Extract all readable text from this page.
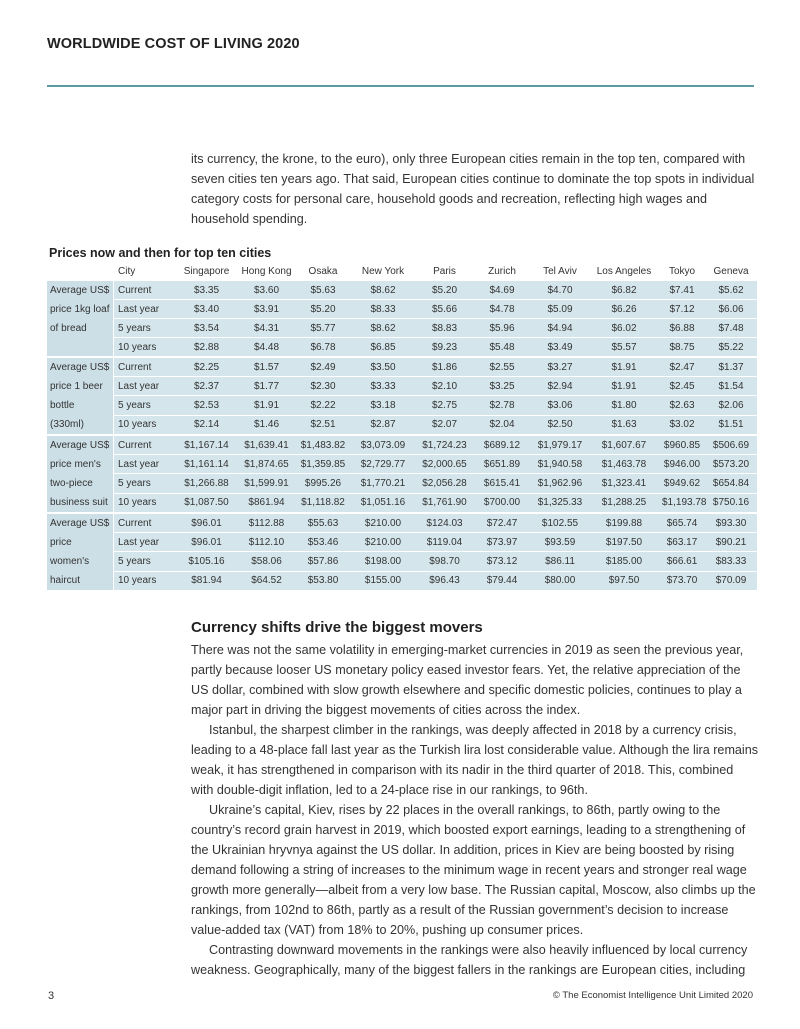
WORLDWIDE COST OF LIVING 2020

its currency, the krone, to the euro), only three European cities remain in the top ten, compared with seven cities ten years ago. That said, European cities continue to dominate the top spots in individual category costs for personal care, household goods and recreation, reflecting high wages and household spending.

Prices now and then for top ten cities
	City	Singapore	Hong Kong	Osaka	New York	Paris	Zurich	Tel Aviv	Los Angeles	Tokyo	Geneva
Average US$ price 1kg loaf of bread	Current	$3.35	$3.60	$5.63	$8.62	$5.20	$4.69	$4.70	$6.82	$7.41	$5.62
	Last year	$3.40	$3.91	$5.20	$8.33	$5.66	$4.78	$5.09	$6.26	$7.12	$6.06
	5 years	$3.54	$4.31	$5.77	$8.62	$8.83	$5.96	$4.94	$6.02	$6.88	$7.48
	10 years	$2.88	$4.48	$6.78	$6.85	$9.23	$5.48	$3.49	$5.57	$8.75	$5.22
Average US$ price 1 beer bottle (330ml)	Current	$2.25	$1.57	$2.49	$3.50	$1.86	$2.55	$3.27	$1.91	$2.47	$1.37
	Last year	$2.37	$1.77	$2.30	$3.33	$2.10	$3.25	$2.94	$1.91	$2.45	$1.54
	5 years	$2.53	$1.91	$2.22	$3.18	$2.75	$2.78	$3.06	$1.80	$2.63	$2.06
	10 years	$2.14	$1.46	$2.51	$2.87	$2.07	$2.04	$2.50	$1.63	$3.02	$1.51
Average US$ price men's two-piece business suit	Current	$1,167.14	$1,639.41	$1,483.82	$3,073.09	$1,724.23	$689.12	$1,979.17	$1,607.67	$960.85	$506.69
	Last year	$1,161.14	$1,874.65	$1,359.85	$2,729.77	$2,000.65	$651.89	$1,940.58	$1,463.78	$946.00	$573.20
	5 years	$1,266.88	$1,599.91	$995.26	$1,770.21	$2,056.28	$615.41	$1,962.96	$1,323.41	$949.62	$654.84
	10 years	$1,087.50	$861.94	$1,118.82	$1,051.16	$1,761.90	$700.00	$1,325.33	$1,288.25	$1,193.78	$750.16
Average US$ price women's haircut	Current	$96.01	$112.88	$55.63	$210.00	$124.03	$72.47	$102.55	$199.88	$65.74	$93.30
	Last year	$96.01	$112.10	$53.46	$210.00	$119.04	$73.97	$93.59	$197.50	$63.17	$90.21
	5 years	$105.16	$58.06	$57.86	$198.00	$98.70	$73.12	$86.11	$185.00	$66.61	$83.33
	10 years	$81.94	$64.52	$53.80	$155.00	$96.43	$79.44	$80.00	$97.50	$73.70	$70.09
Currency shifts drive the biggest movers

There was not the same volatility in emerging-market currencies in 2019 as seen the previous year, partly because looser US monetary policy eased investor fears. Yet, the relative appreciation of the US dollar, combined with slow growth elsewhere and specific domestic policies, continues to play a major part in driving the biggest movements of cities across the index.

Istanbul, the sharpest climber in the rankings, was deeply affected in 2018 by a currency crisis, leading to a 48-place fall last year as the Turkish lira lost considerable value. Although the lira remains weak, it has strengthened in comparison with its nadir in the third quarter of 2018. This, combined with double-digit inflation, led to a 24-place rise in our rankings, to 96th.

Ukraine’s capital, Kiev, rises by 22 places in the overall rankings, to 86th, partly owing to the country’s record grain harvest in 2019, which boosted export earnings, leading to a strengthening of the Ukrainian hryvnya against the US dollar. In addition, prices in Kiev are being boosted by rising demand following a string of increases to the minimum wage in recent years and stronger real wage growth more generally—albeit from a very low base. The Russian capital, Moscow, also climbs up the rankings, from 102nd to 86th, partly as a result of the Russian government’s decision to increase value-added tax (VAT) from 18% to 20%, pushing up consumer prices.

Contrasting downward movements in the rankings were also heavily influenced by local currency weakness. Geographically, many of the biggest fallers in the rankings are European cities, including

3	© The Economist Intelligence Unit Limited 2020
